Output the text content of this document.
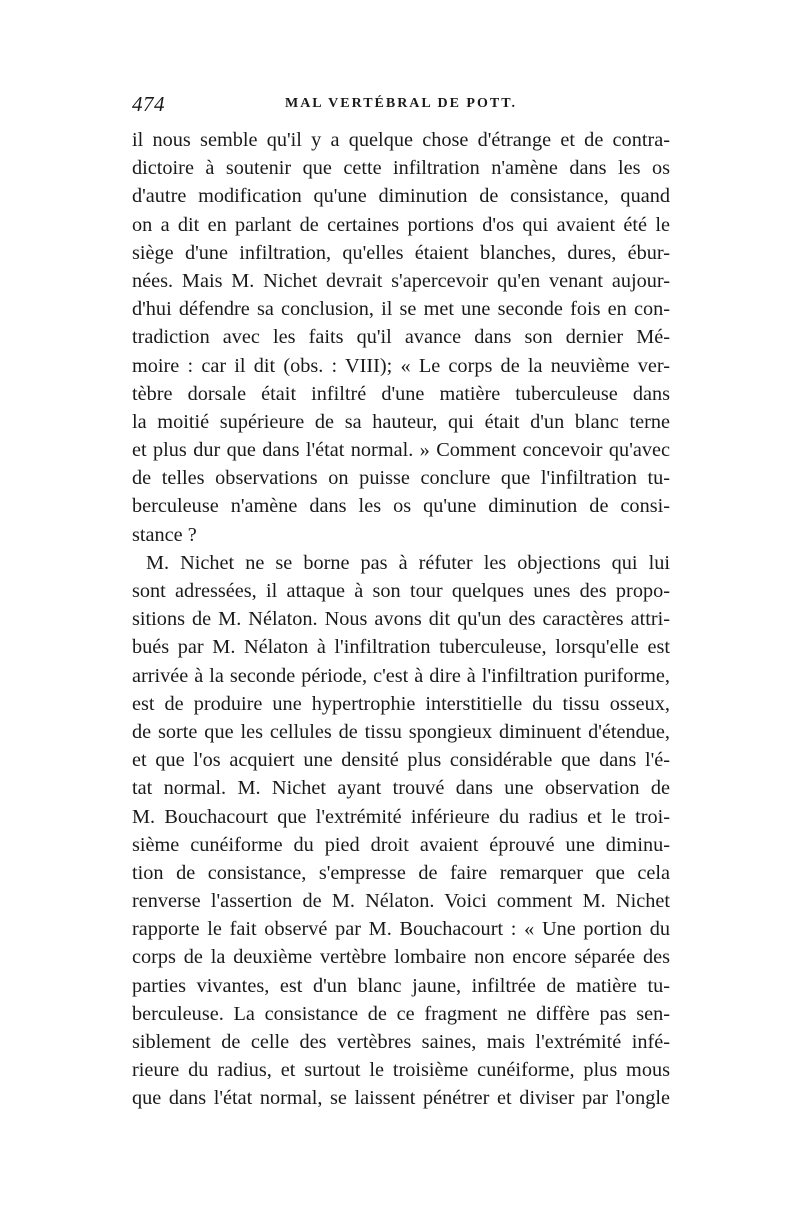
474	MAL VERTÉBRAL DE POTT.
il nous semble qu'il y a quelque chose d'étrange et de contra-
dictoire à soutenir que cette infiltration n'amène dans les os
d'autre modification qu'une diminution de consistance, quand
on a dit en parlant de certaines portions d'os qui avaient été le
siège d'une infiltration, qu'elles étaient blanches, dures, ébur-
nées. Mais M. Nichet devrait s'apercevoir qu'en venant aujour-
d'hui défendre sa conclusion, il se met une seconde fois en con-
tradiction avec les faits qu'il avance dans son dernier Mé-
moire : car il dit (obs. : VIII); « Le corps de la neuvième ver-
tèbre dorsale était infiltré d'une matière tuberculeuse dans
la moitié supérieure de sa hauteur, qui était d'un blanc terne
et plus dur que dans l'état normal. » Comment concevoir qu'avec
de telles observations on puisse conclure que l'infiltration tu-
berculeuse n'amène dans les os qu'une diminution de consi-
stance ?
M. Nichet ne se borne pas à réfuter les objections qui lui
sont adressées, il attaque à son tour quelques unes des propo-
sitions de M. Nélaton. Nous avons dit qu'un des caractères attri-
bués par M. Nélaton à l'infiltration tuberculeuse, lorsqu'elle est
arrivée à la seconde période, c'est à dire à l'infiltration puriforme,
est de produire une hypertrophie interstitielle du tissu osseux,
de sorte que les cellules de tissu spongieux diminuent d'étendue,
et que l'os acquiert une densité plus considérable que dans l'é-
tat normal. M. Nichet ayant trouvé dans une observation de
M. Bouchacourt que l'extrémité inférieure du radius et le troi-
sième cunéiforme du pied droit avaient éprouvé une diminu-
tion de consistance, s'empresse de faire remarquer que cela
renverse l'assertion de M. Nélaton. Voici comment M. Nichet
rapporte le fait observé par M. Bouchacourt : « Une portion du
corps de la deuxième vertèbre lombaire non encore séparée des
parties vivantes, est d'un blanc jaune, infiltrée de matière tu-
berculeuse. La consistance de ce fragment ne diffère pas sen-
siblement de celle des vertèbres saines, mais l'extrémité infé-
rieure du radius, et surtout le troisième cunéiforme, plus mous
que dans l'état normal, se laissent pénétrer et diviser par l'ongle
